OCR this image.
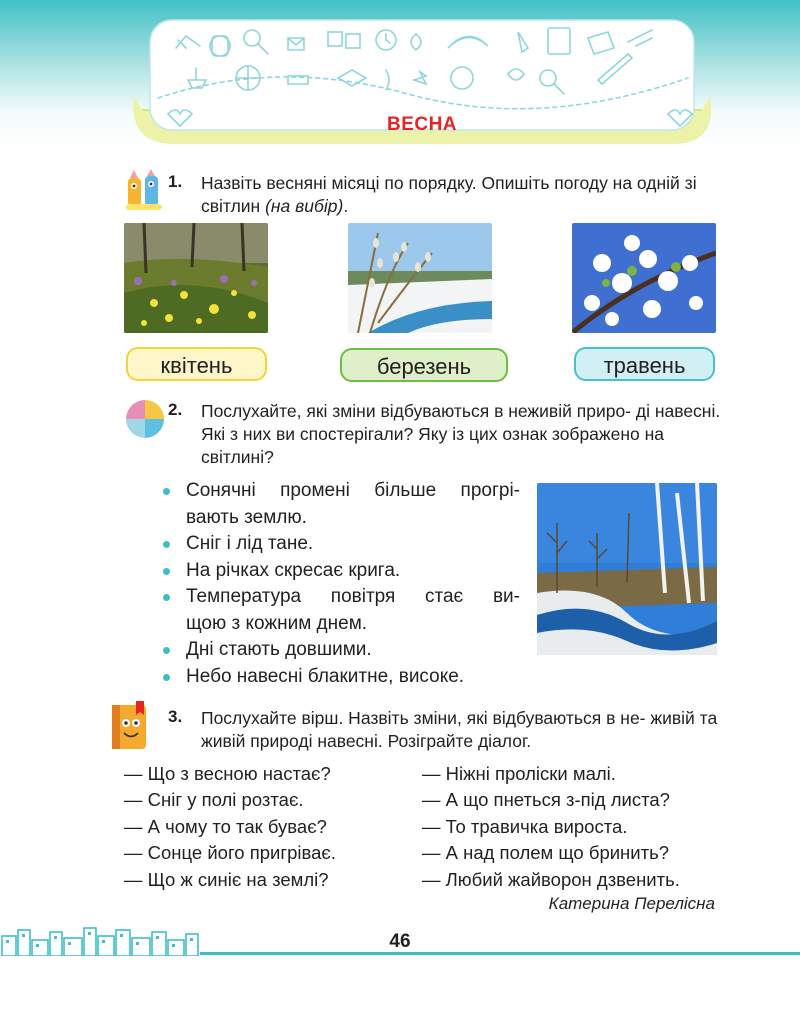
ВЕСНА
1. Назвіть весняні місяці по порядку. Опишіть погоду на одній зі світлин (на вибір).
квітень	березень	травень
2. Послухайте, які зміни відбуваються в неживій приро- ді навесні. Які з них ви спостерігали? Яку із цих ознак зображено на світлині?
Сонячні промені більше прогрі-
вають землю.
Сніг і лід тане.
На річках скресає крига.
Температура повітря стає ви-
щою з кожним днем.
Дні стають довшими.
Небо навесні блакитне, високе.
3. Послухайте вірш. Назвіть зміни, які відбуваються в не- живій та живій природі навесні. Розіграйте діалог.
— Що з весною настає?
— Сніг у полі розтає.
— А чому то так буває?
— Сонце його пригріває.
— Що ж синіє на землі?
— Ніжні проліски малі.
— А що пнеться з-під листа?
— То травичка вироста.
— А над полем що бринить?
— Любий жайворон дзвенить.
Катерина Перелісна
46
